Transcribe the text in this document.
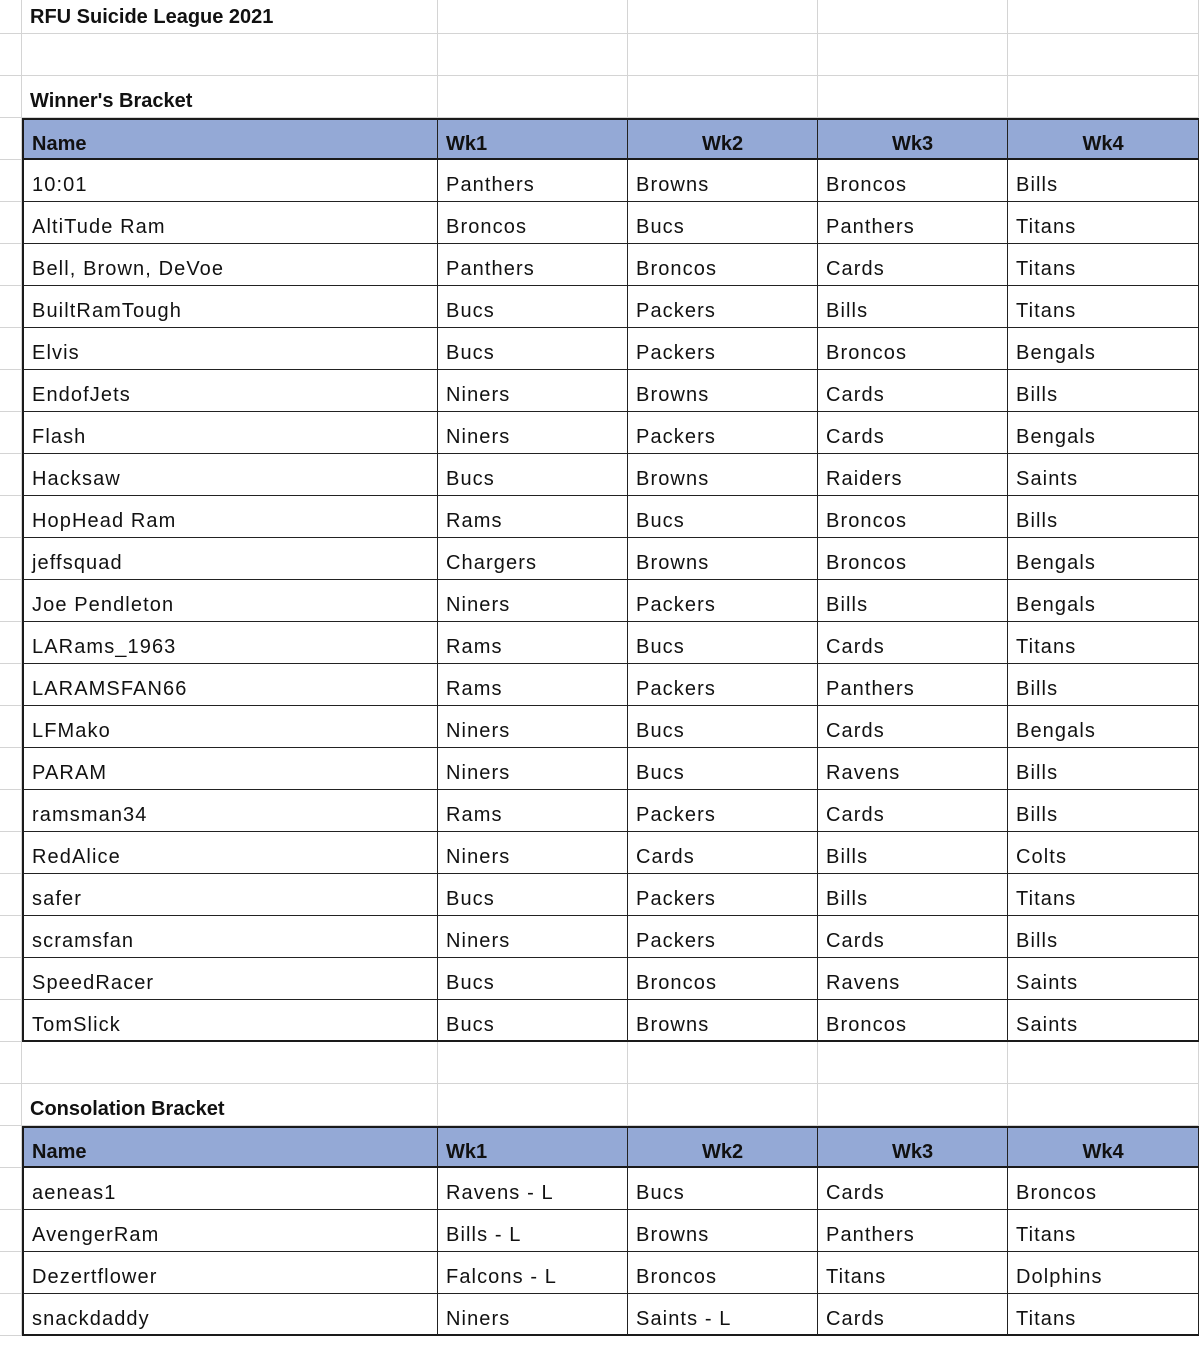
RFU Suicide League 2021
Winner's Bracket
Name	Wk1	Wk2	Wk3	Wk4
10:01	Panthers	Browns	Broncos	Bills
AltiTude Ram	Broncos	Bucs	Panthers	Titans
Bell, Brown, DeVoe	Panthers	Broncos	Cards	Titans
BuiltRamTough	Bucs	Packers	Bills	Titans
Elvis	Bucs	Packers	Broncos	Bengals
EndofJets	Niners	Browns	Cards	Bills
Flash	Niners	Packers	Cards	Bengals
Hacksaw	Bucs	Browns	Raiders	Saints
HopHead Ram	Rams	Bucs	Broncos	Bills
jeffsquad	Chargers	Browns	Broncos	Bengals
Joe Pendleton	Niners	Packers	Bills	Bengals
LARams_1963	Rams	Bucs	Cards	Titans
LARAMSFAN66	Rams	Packers	Panthers	Bills
LFMako	Niners	Bucs	Cards	Bengals
PARAM	Niners	Bucs	Ravens	Bills
ramsman34	Rams	Packers	Cards	Bills
RedAlice	Niners	Cards	Bills	Colts
safer	Bucs	Packers	Bills	Titans
scramsfan	Niners	Packers	Cards	Bills
SpeedRacer	Bucs	Broncos	Ravens	Saints
TomSlick	Bucs	Browns	Broncos	Saints
Consolation Bracket
Name	Wk1	Wk2	Wk3	Wk4
aeneas1	Ravens - L	Bucs	Cards	Broncos
AvengerRam	Bills - L	Browns	Panthers	Titans
Dezertflower	Falcons - L	Broncos	Titans	Dolphins
snackdaddy	Niners	Saints - L	Cards	Titans
